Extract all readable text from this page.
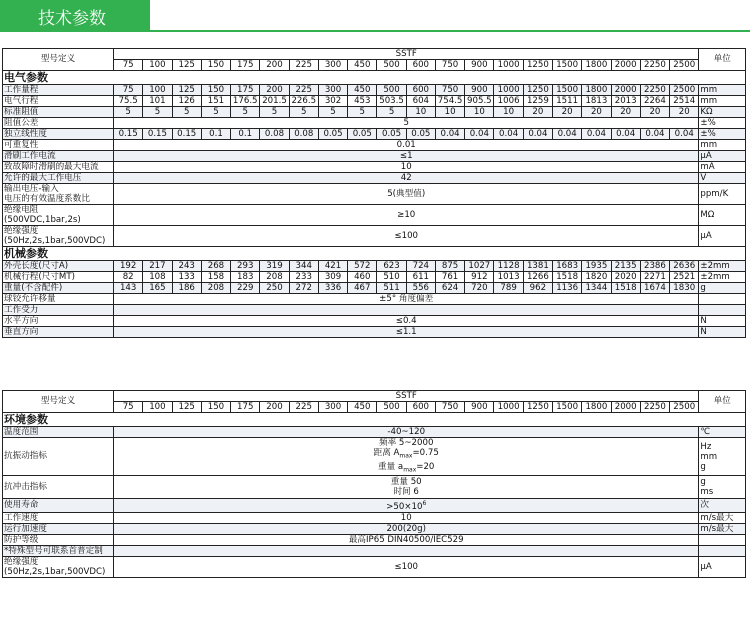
技术参数
型号定义	SSTF																				单位
	75	100	125	150	175	200	225	300	450	500	600	750	900	1000	1250	1500	1800	2000	2250	2500	
电气参数																					
工作量程	75	100	125	150	175	200	225	300	450	500	600	750	900	1000	1250	1500	1800	2000	2250	2500	mm
电气行程	75.5	101	126	151	176.5	201.5	226.5	302	453	503.5	604	754.5	905.5	1006	1259	1511	1813	2013	2264	2514	mm
标准阻值	5	5	5	5	5	5	5	5	5	5	10	10	10	10	20	20	20	20	20	20	KΩ
阻值公差	5																				±%
独立线性度	0.15	0.15	0.15	0.1	0.1	0.08	0.08	0.05	0.05	0.05	0.05	0.04	0.04	0.04	0.04	0.04	0.04	0.04	0.04	0.04	±%
可重复性	0.01																				mm
滑刷工作电流	≤1																				μA
致故障时滑刷的最大电流	10																				mA
允许的最大工作电压	42																				V

输出电压-输入
电压的有效温度系数比	5(典型值)																				ppm/K

绝缘电阻
(500VDC,1bar,2s)	≥10																				MΩ

绝缘强度
(50Hz,2s,1bar,500VDC)	≤100																				μA
机械参数																					
外壳长度(尺寸A)	192	217	243	268	293	319	344	421	572	623	724	875	1027	1128	1381	1683	1935	2135	2386	2636	±2mm
机械行程(尺寸MT)	82	108	133	158	183	208	233	309	460	510	611	761	912	1013	1266	1518	1820	2020	2271	2521	±2mm
重量(不含配件)	143	165	186	208	229	250	272	336	467	511	556	624	720	789	962	1136	1344	1518	1674	1830	g
球铰允许移量	±5° 角度偏差																				
工作受力																					
水平方向	≤0.4																				N
垂直方向	≤1.1																				N
型号定义	SSTF																				单位
	75	100	125	150	175	200	225	300	450	500	600	750	900	1000	1250	1500	1800	2000	2250	2500	
环境参数																					
温度范围	-40~120																				℃
抗振动指标	频率 5~2000
距离 $A_{max}=0.75$
重量 $a_{max}=20$																				Hz
mm
g

抗冲击指标	重量 50
时间 6																				g
ms

使用寿命	$>50\times 10^6$																				次
工作速度	10																				m/s最大
运行加速度	200(20g)																				m/s最大
防护等级	最高IP65 DIN40500/IEC529																				
*特殊型号可联系首普定制																					

绝缘强度
(50Hz,2s,1bar,500VDC)	≤100																				μA
